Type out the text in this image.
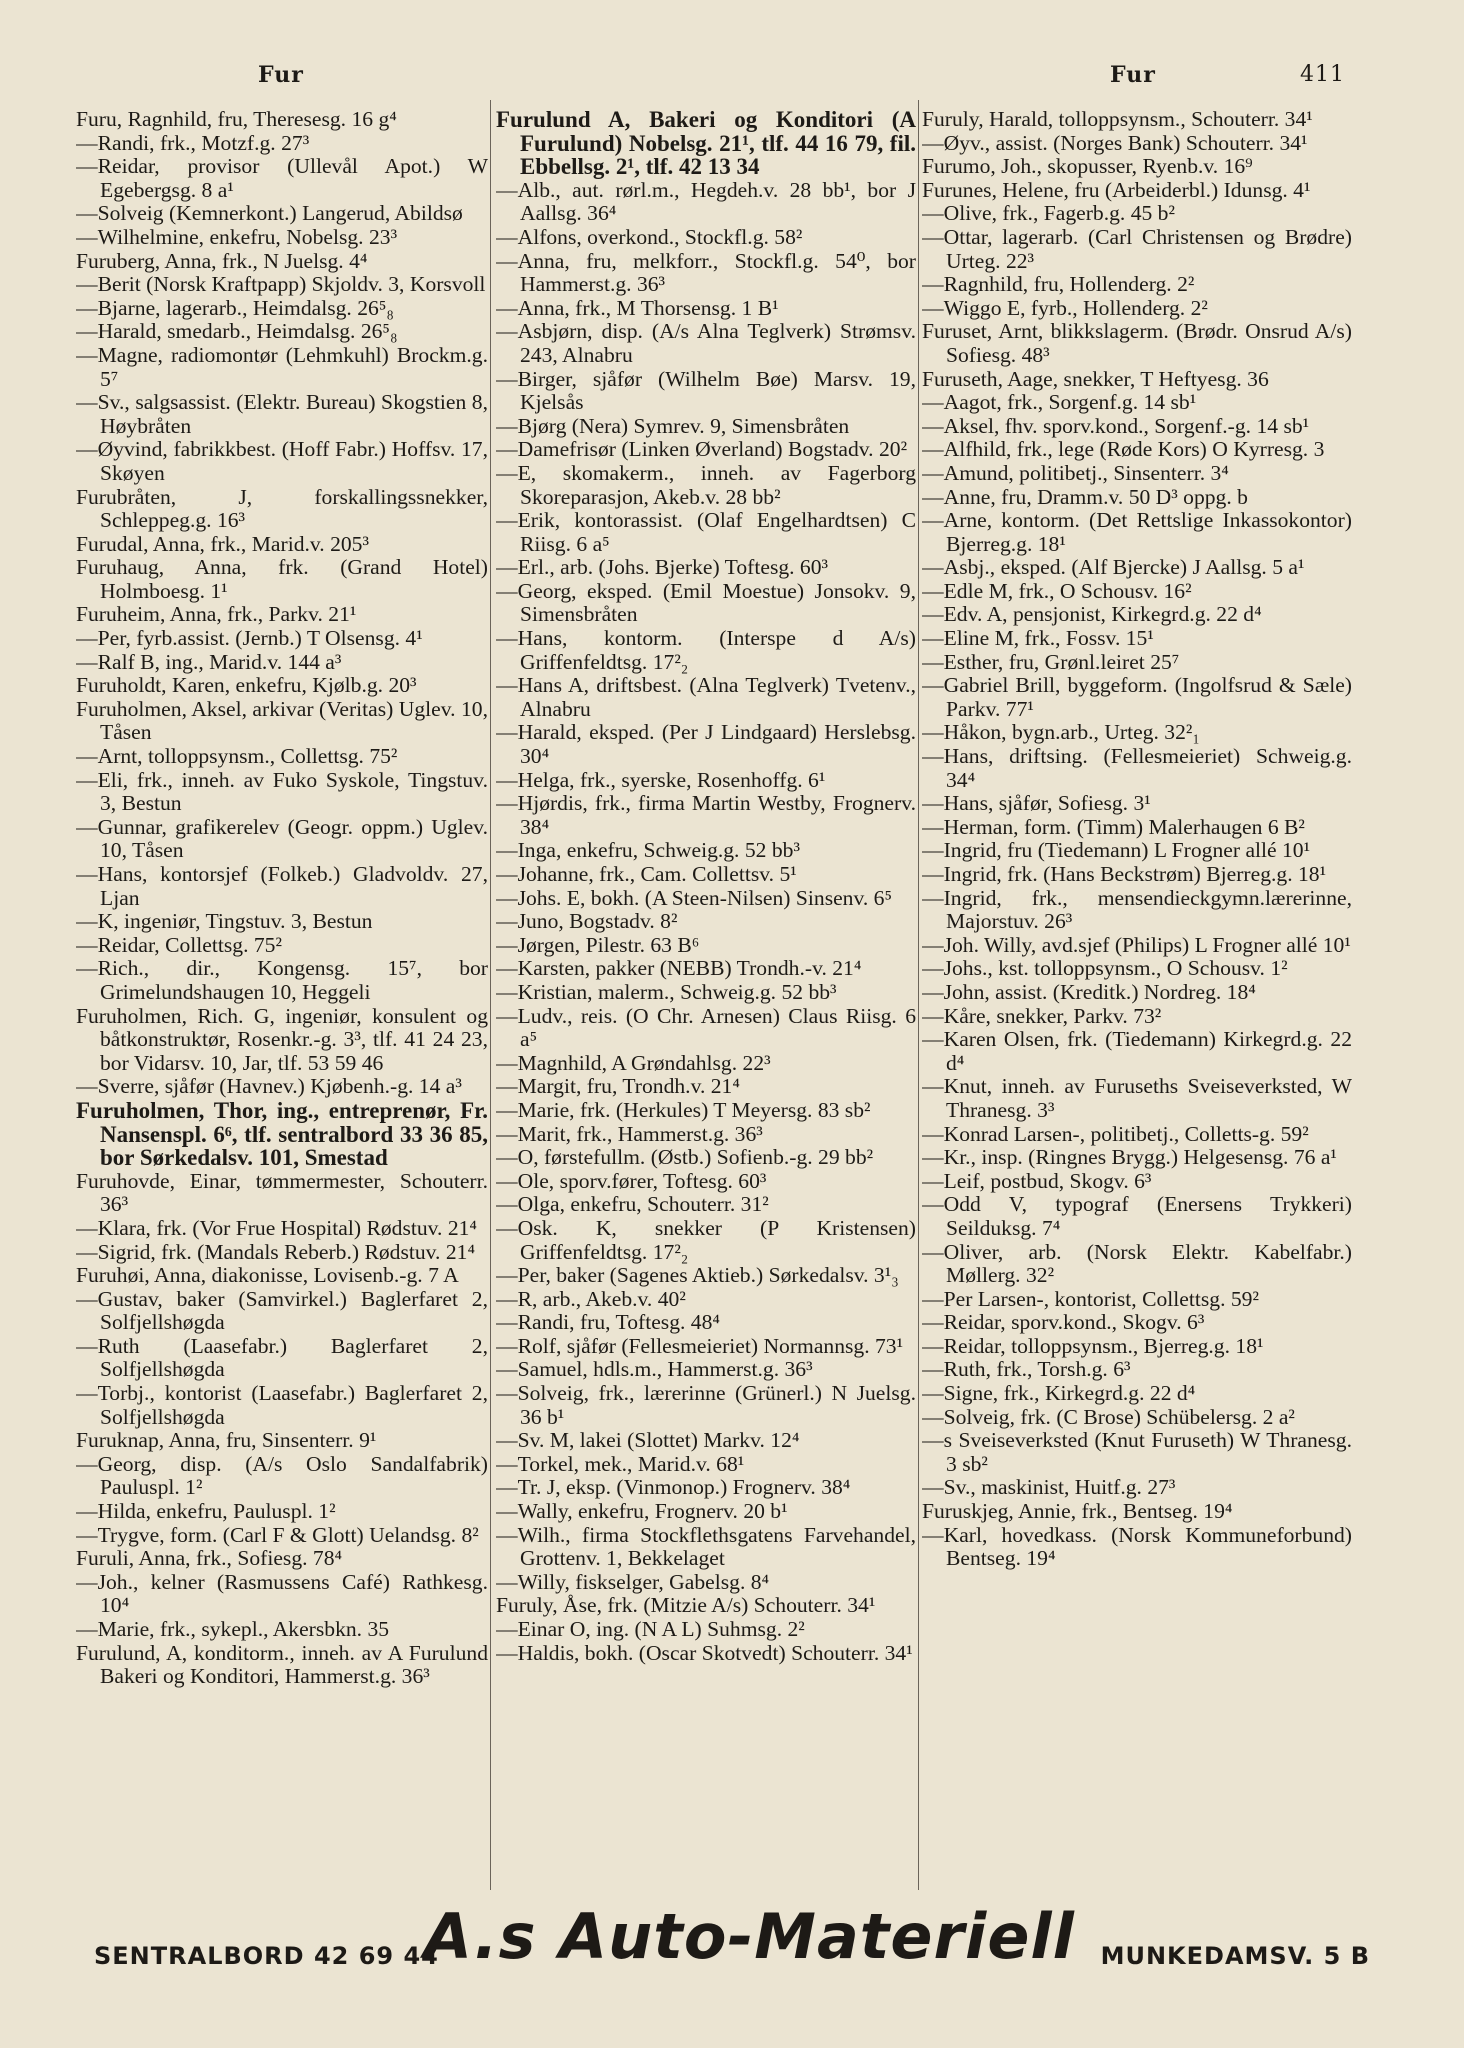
Fur	Fur	411

Furu, Ragnhild, fru, Theresesg. 16 g⁴

—Randi, frk., Motzf.g. 27³

—Reidar, provisor (Ullevål Apot.) W Egebergsg. 8 a¹

—Solveig (Kemnerkont.) Langerud, Abildsø

—Wilhelmine, enkefru, Nobelsg. 23³

Furuberg, Anna, frk., N Juelsg. 4⁴

—Berit (Norsk Kraftpapp) Skjoldv. 3, Korsvoll

—Bjarne, lagerarb., Heimdalsg. 26⁵₈

—Harald, smedarb., Heimdalsg. 26⁵₈

—Magne, radiomontør (Lehmkuhl) Brockm.g. 5⁷

—Sv., salgsassist. (Elektr. Bureau) Skogstien 8, Høybråten

—Øyvind, fabrikkbest. (Hoff Fabr.) Hoffsv. 17, Skøyen

Furubråten, J, forskallingssnekker, Schleppeg.g. 16³

Furudal, Anna, frk., Marid.v. 205³

Furuhaug, Anna, frk. (Grand Hotel) Holmboesg. 1¹

Furuheim, Anna, frk., Parkv. 21¹

—Per, fyrb.assist. (Jernb.) T Olsensg. 4¹

—Ralf B, ing., Marid.v. 144 a³

Furuholdt, Karen, enkefru, Kjølb.g. 20³

Furuholmen, Aksel, arkivar (Veritas) Uglev. 10, Tåsen

—Arnt, tolloppsynsm., Collettsg. 75²

—Eli, frk., inneh. av Fuko Syskole, Tingstuv. 3, Bestun

—Gunnar, grafikerelev (Geogr. oppm.) Uglev. 10, Tåsen

—Hans, kontorsjef (Folkeb.) Gladvoldv. 27, Ljan

—K, ingeniør, Tingstuv. 3, Bestun

—Reidar, Collettsg. 75²

—Rich., dir., Kongensg. 15⁷, bor Grimelundshaugen 10, Heggeli

Furuholmen, Rich. G, ingeniør, konsulent og båtkonstruktør, Rosenkr.-g. 3³, tlf. 41 24 23, bor Vidarsv. 10, Jar, tlf. 53 59 46

—Sverre, sjåfør (Havnev.) Kjøbenh.-g. 14 a³

Furuholmen, Thor, ing., entreprenør, Fr. Nansenspl. 6⁶, tlf. sentralbord 33 36 85, bor Sørkedalsv. 101, Smestad

Furuhovde, Einar, tømmermester, Schouterr. 36³

—Klara, frk. (Vor Frue Hospital) Rødstuv. 21⁴

—Sigrid, frk. (Mandals Reberb.) Rødstuv. 21⁴

Furuhøi, Anna, diakonisse, Lovisenb.-g. 7 A

—Gustav, baker (Samvirkel.) Baglerfaret 2, Solfjellshøgda

—Ruth (Laasefabr.) Baglerfaret 2, Solfjellshøgda

—Torbj., kontorist (Laasefabr.) Baglerfaret 2, Solfjellshøgda

Furuknap, Anna, fru, Sinsenterr. 9¹

—Georg, disp. (A/s Oslo Sandalfabrik) Pauluspl. 1²

—Hilda, enkefru, Pauluspl. 1²

—Trygve, form. (Carl F & Glott) Uelandsg. 8²

Furuli, Anna, frk., Sofiesg. 78⁴

—Joh., kelner (Rasmussens Café) Rathkesg. 10⁴

—Marie, frk., sykepl., Akersbkn. 35

Furulund, A, konditorm., inneh. av A Furulund Bakeri og Konditori, Hammerst.g. 36³

Furulund A, Bakeri og Konditori (A Furulund) Nobelsg. 21¹, tlf. 44 16 79, fil. Ebbellsg. 2¹, tlf. 42 13 34

—Alb., aut. rørl.m., Hegdeh.v. 28 bb¹, bor J Aallsg. 36⁴

—Alfons, overkond., Stockfl.g. 58²

—Anna, fru, melkforr., Stockfl.g. 54⁰, bor Hammerst.g. 36³

—Anna, frk., M Thorsensg. 1 B¹

—Asbjørn, disp. (A/s Alna Teglverk) Strømsv. 243, Alnabru

—Birger, sjåfør (Wilhelm Bøe) Marsv. 19, Kjelsås

—Bjørg (Nera) Symrev. 9, Simensbråten

—Damefrisør (Linken Øverland) Bogstadv. 20²

—E, skomakerm., inneh. av Fagerborg Skoreparasjon, Akeb.v. 28 bb²

—Erik, kontorassist. (Olaf Engelhardtsen) C Riisg. 6 a⁵

—Erl., arb. (Johs. Bjerke) Toftesg. 60³

—Georg, eksped. (Emil Moestue) Jonsokv. 9, Simensbråten

—Hans, kontorm. (Interspe d A/s) Griffenfeldtsg. 17²₂

—Hans A, driftsbest. (Alna Teglverk) Tvetenv., Alnabru

—Harald, eksped. (Per J Lindgaard) Herslebsg. 30⁴

—Helga, frk., syerske, Rosenhoffg. 6¹

—Hjørdis, frk., firma Martin Westby, Frognerv. 38⁴

—Inga, enkefru, Schweig.g. 52 bb³

—Johanne, frk., Cam. Collettsv. 5¹

—Johs. E, bokh. (A Steen-Nilsen) Sinsenv. 6⁵

—Juno, Bogstadv. 8²

—Jørgen, Pilestr. 63 B⁶

—Karsten, pakker (NEBB) Trondh.-v. 21⁴

—Kristian, malerm., Schweig.g. 52 bb³

—Ludv., reis. (O Chr. Arnesen) Claus Riisg. 6 a⁵

—Magnhild, A Grøndahlsg. 22³

—Margit, fru, Trondh.v. 21⁴

—Marie, frk. (Herkules) T Meyersg. 83 sb²

—Marit, frk., Hammerst.g. 36³

—O, førstefullm. (Østb.) Sofienb.-g. 29 bb²

—Ole, sporv.fører, Toftesg. 60³

—Olga, enkefru, Schouterr. 31²

—Osk. K, snekker (P Kristensen) Griffenfeldtsg. 17²₂

—Per, baker (Sagenes Aktieb.) Sørkedalsv. 3¹₃

—R, arb., Akeb.v. 40²

—Randi, fru, Toftesg. 48⁴

—Rolf, sjåfør (Fellesmeieriet) Normannsg. 73¹

—Samuel, hdls.m., Hammerst.g. 36³

—Solveig, frk., lærerinne (Grünerl.) N Juelsg. 36 b¹

—Sv. M, lakei (Slottet) Markv. 12⁴

—Torkel, mek., Marid.v. 68¹

—Tr. J, eksp. (Vinmonop.) Frognerv. 38⁴

—Wally, enkefru, Frognerv. 20 b¹

—Wilh., firma Stockflethsgatens Farvehandel, Grottenv. 1, Bekkelaget

—Willy, fiskselger, Gabelsg. 8⁴

Furuly, Åse, frk. (Mitzie A/s) Schouterr. 34¹

—Einar O, ing. (N A L) Suhmsg. 2²

—Haldis, bokh. (Oscar Skotvedt) Schouterr. 34¹

Furuly, Harald, tolloppsynsm., Schouterr. 34¹

—Øyv., assist. (Norges Bank) Schouterr. 34¹

Furumo, Joh., skopusser, Ryenb.v. 16⁹

Furunes, Helene, fru (Arbeiderbl.) Idunsg. 4¹

—Olive, frk., Fagerb.g. 45 b²

—Ottar, lagerarb. (Carl Christensen og Brødre) Urteg. 22³

—Ragnhild, fru, Hollenderg. 2²

—Wiggo E, fyrb., Hollenderg. 2²

Furuset, Arnt, blikkslagerm. (Brødr. Onsrud A/s) Sofiesg. 48³

Furuseth, Aage, snekker, T Heftyesg. 36

—Aagot, frk., Sorgenf.g. 14 sb¹

—Aksel, fhv. sporv.kond., Sorgenf.-g. 14 sb¹

—Alfhild, frk., lege (Røde Kors) O Kyrresg. 3

—Amund, politibetj., Sinsenterr. 3⁴

—Anne, fru, Dramm.v. 50 D³ oppg. b

—Arne, kontorm. (Det Rettslige Inkassokontor) Bjerreg.g. 18¹

—Asbj., eksped. (Alf Bjercke) J Aallsg. 5 a¹

—Edle M, frk., O Schousv. 16²

—Edv. A, pensjonist, Kirkegrd.g. 22 d⁴

—Eline M, frk., Fossv. 15¹

—Esther, fru, Grønl.leiret 25⁷

—Gabriel Brill, byggeform. (Ingolfsrud & Sæle) Parkv. 77¹

—Håkon, bygn.arb., Urteg. 32²₁

—Hans, driftsing. (Fellesmeieriet) Schweig.g. 34⁴

—Hans, sjåfør, Sofiesg. 3¹

—Herman, form. (Timm) Malerhaugen 6 B²

—Ingrid, fru (Tiedemann) L Frogner allé 10¹

—Ingrid, frk. (Hans Beckstrøm) Bjerreg.g. 18¹

—Ingrid, frk., mensendieckgymn.lærerinne, Majorstuv. 26³

—Joh. Willy, avd.sjef (Philips) L Frogner allé 10¹

—Johs., kst. tolloppsynsm., O Schousv. 1²

—John, assist. (Kreditk.) Nordreg. 18⁴

—Kåre, snekker, Parkv. 73²

—Karen Olsen, frk. (Tiedemann) Kirkegrd.g. 22 d⁴

—Knut, inneh. av Furuseths Sveiseverksted, W Thranesg. 3³

—Konrad Larsen-, politibetj., Colletts-g. 59²

—Kr., insp. (Ringnes Brygg.) Helgesensg. 76 a¹

—Leif, postbud, Skogv. 6³

—Odd V, typograf (Enersens Trykkeri) Seilduksg. 7⁴

—Oliver, arb. (Norsk Elektr. Kabelfabr.) Møllerg. 32²

—Per Larsen-, kontorist, Collettsg. 59²

—Reidar, sporv.kond., Skogv. 6³

—Reidar, tolloppsynsm., Bjerreg.g. 18¹

—Ruth, frk., Torsh.g. 6³

—Signe, frk., Kirkegrd.g. 22 d⁴

—Solveig, frk. (C Brose) Schübelersg. 2 a²

—s Sveiseverksted (Knut Furuseth) W Thranesg. 3 sb²

—Sv., maskinist, Huitf.g. 27³

Furuskjeg, Annie, frk., Bentseg. 19⁴

—Karl, hovedkass. (Norsk Kommuneforbund) Bentseg. 19⁴

SENTRALBORD 42 69 44
A.s Auto-Materiell MUNKEDAMSV. 5 B
